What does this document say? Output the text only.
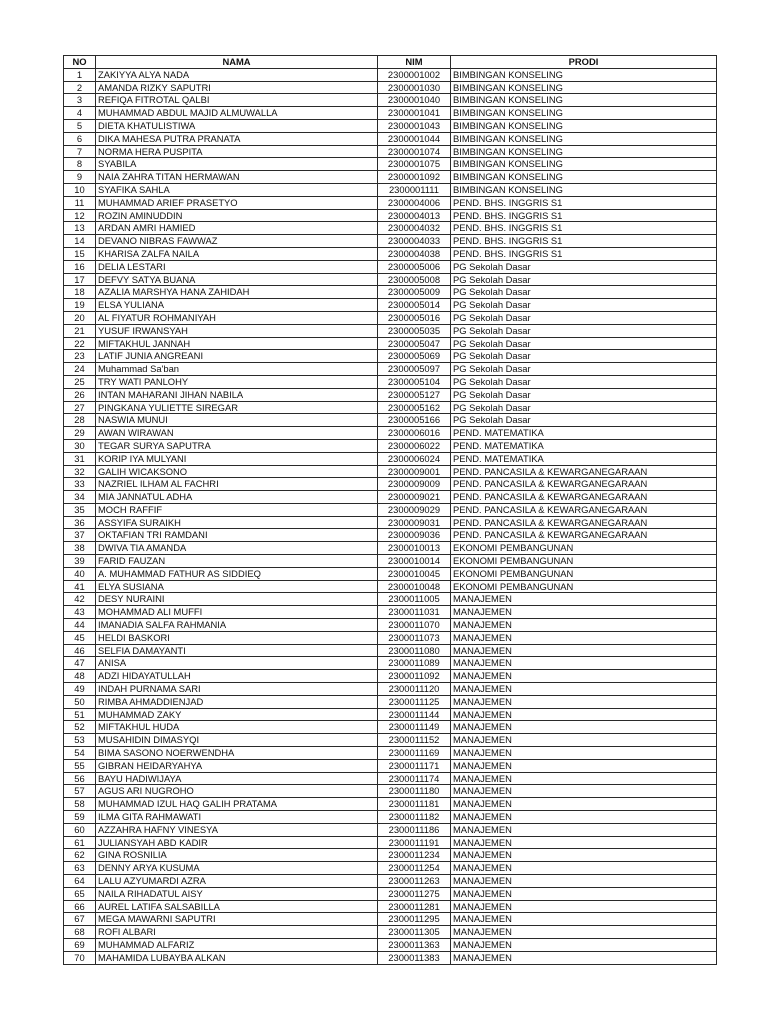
NO	NAMA	NIM	PRODI
1	ZAKIYYA ALYA NADA	2300001002	BIMBINGAN KONSELING
2	AMANDA RIZKY SAPUTRI	2300001030	BIMBINGAN KONSELING
3	REFIQA FITROTAL QALBI	2300001040	BIMBINGAN KONSELING
4	MUHAMMAD ABDUL MAJID ALMUWALLA	2300001041	BIMBINGAN KONSELING
5	DIETA KHATULISTIWA	2300001043	BIMBINGAN KONSELING
6	DIKA MAHESA PUTRA PRANATA	2300001044	BIMBINGAN KONSELING
7	NORMA HERA PUSPITA	2300001074	BIMBINGAN KONSELING
8	SYABILA	2300001075	BIMBINGAN KONSELING
9	NAIA ZAHRA TITAN HERMAWAN	2300001092	BIMBINGAN KONSELING
10	SYAFIKA SAHLA	2300001111	BIMBINGAN KONSELING
11	MUHAMMAD ARIEF PRASETYO	2300004006	PEND. BHS. INGGRIS S1
12	ROZIN AMINUDDIN	2300004013	PEND. BHS. INGGRIS S1
13	ARDAN AMRI HAMIED	2300004032	PEND. BHS. INGGRIS S1
14	DEVANO NIBRAS FAWWAZ	2300004033	PEND. BHS. INGGRIS S1
15	KHARISA ZALFA NAILA	2300004038	PEND. BHS. INGGRIS S1
16	DELIA LESTARI	2300005006	PG Sekolah Dasar
17	DEFVY SATYA BUANA	2300005008	PG Sekolah Dasar
18	AZALIA MARSHYA HANA ZAHIDAH	2300005009	PG Sekolah Dasar
19	ELSA YULIANA	2300005014	PG Sekolah Dasar
20	AL FIYATUR ROHMANIYAH	2300005016	PG Sekolah Dasar
21	YUSUF IRWANSYAH	2300005035	PG Sekolah Dasar
22	MIFTAKHUL JANNAH	2300005047	PG Sekolah Dasar
23	LATIF JUNIA ANGREANI	2300005069	PG Sekolah Dasar
24	Muhammad Sa'ban	2300005097	PG Sekolah Dasar
25	TRY WATI PANLOHY	2300005104	PG Sekolah Dasar
26	INTAN MAHARANI JIHAN NABILA	2300005127	PG Sekolah Dasar
27	PINGKANA YULIETTE SIREGAR	2300005162	PG Sekolah Dasar
28	NASWIA MUNUI	2300005166	PG Sekolah Dasar
29	AWAN WIRAWAN	2300006016	PEND. MATEMATIKA
30	TEGAR SURYA SAPUTRA	2300006022	PEND. MATEMATIKA
31	KORIP IYA MULYANI	2300006024	PEND. MATEMATIKA
32	GALIH WICAKSONO	2300009001	PEND. PANCASILA & KEWARGANEGARAAN
33	NAZRIEL ILHAM AL FACHRI	2300009009	PEND. PANCASILA & KEWARGANEGARAAN
34	MIA JANNATUL ADHA	2300009021	PEND. PANCASILA & KEWARGANEGARAAN
35	MOCH RAFFIF	2300009029	PEND. PANCASILA & KEWARGANEGARAAN
36	ASSYIFA SURAIKH	2300009031	PEND. PANCASILA & KEWARGANEGARAAN
37	OKTAFIAN TRI RAMDANI	2300009036	PEND. PANCASILA & KEWARGANEGARAAN
38	DWIVA TIA AMANDA	2300010013	EKONOMI PEMBANGUNAN
39	FARID FAUZAN	2300010014	EKONOMI PEMBANGUNAN
40	A. MUHAMMAD FATHUR AS SIDDIEQ	2300010045	EKONOMI PEMBANGUNAN
41	ELYA SUSIANA	2300010048	EKONOMI PEMBANGUNAN
42	DESY NURAINI	2300011005	MANAJEMEN
43	MOHAMMAD ALI MUFFI	2300011031	MANAJEMEN
44	IMANADIA SALFA RAHMANIA	2300011070	MANAJEMEN
45	HELDI BASKORI	2300011073	MANAJEMEN
46	SELFIA DAMAYANTI	2300011080	MANAJEMEN
47	ANISA	2300011089	MANAJEMEN
48	ADZI HIDAYATULLAH	2300011092	MANAJEMEN
49	INDAH PURNAMA SARI	2300011120	MANAJEMEN
50	RIMBA AHMADDIENJAD	2300011125	MANAJEMEN
51	MUHAMMAD ZAKY	2300011144	MANAJEMEN
52	MIFTAKHUL HUDA	2300011149	MANAJEMEN
53	MUSAHIDIN DIMASYQI	2300011152	MANAJEMEN
54	BIMA SASONO NOERWENDHA	2300011169	MANAJEMEN
55	GIBRAN HEIDARYAHYA	2300011171	MANAJEMEN
56	BAYU HADIWIJAYA	2300011174	MANAJEMEN
57	AGUS ARI NUGROHO	2300011180	MANAJEMEN
58	MUHAMMAD IZUL HAQ GALIH PRATAMA	2300011181	MANAJEMEN
59	ILMA GITA RAHMAWATI	2300011182	MANAJEMEN
60	AZZAHRA HAFNY VINESYA	2300011186	MANAJEMEN
61	JULIANSYAH ABD KADIR	2300011191	MANAJEMEN
62	GINA ROSNILIA	2300011234	MANAJEMEN
63	DENNY ARYA KUSUMA	2300011254	MANAJEMEN
64	LALU AZYUMARDI AZRA	2300011263	MANAJEMEN
65	NAILA RIHADATUL AISY	2300011275	MANAJEMEN
66	AUREL LATIFA SALSABILLA	2300011281	MANAJEMEN
67	MEGA MAWARNI SAPUTRI	2300011295	MANAJEMEN
68	ROFI ALBARI	2300011305	MANAJEMEN
69	MUHAMMAD ALFARIZ	2300011363	MANAJEMEN
70	MAHAMIDA LUBAYBA ALKAN	2300011383	MANAJEMEN
